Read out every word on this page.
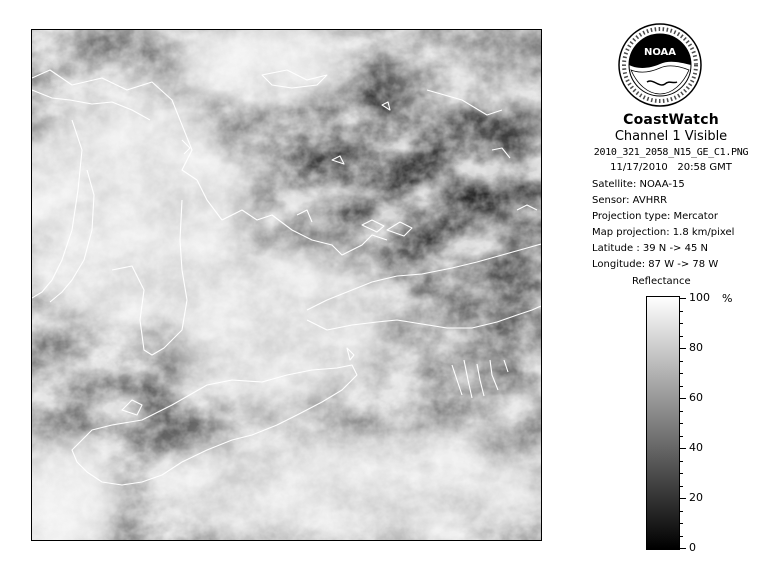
NOAA
CoastWatch
Channel 1 Visible
2010_321_2058_N15_GE_C1.PNG
11/17/2010 20:58 GMT
Satellite: NOAA-15
Sensor: AVHRR
Projection type: Mercator
Map projection: 1.8 km/pixel
Latitude : 39 N -> 45 N
Longitude: 87 W -> 78 W
Reflectance
%
100
80
60
40
20
0
